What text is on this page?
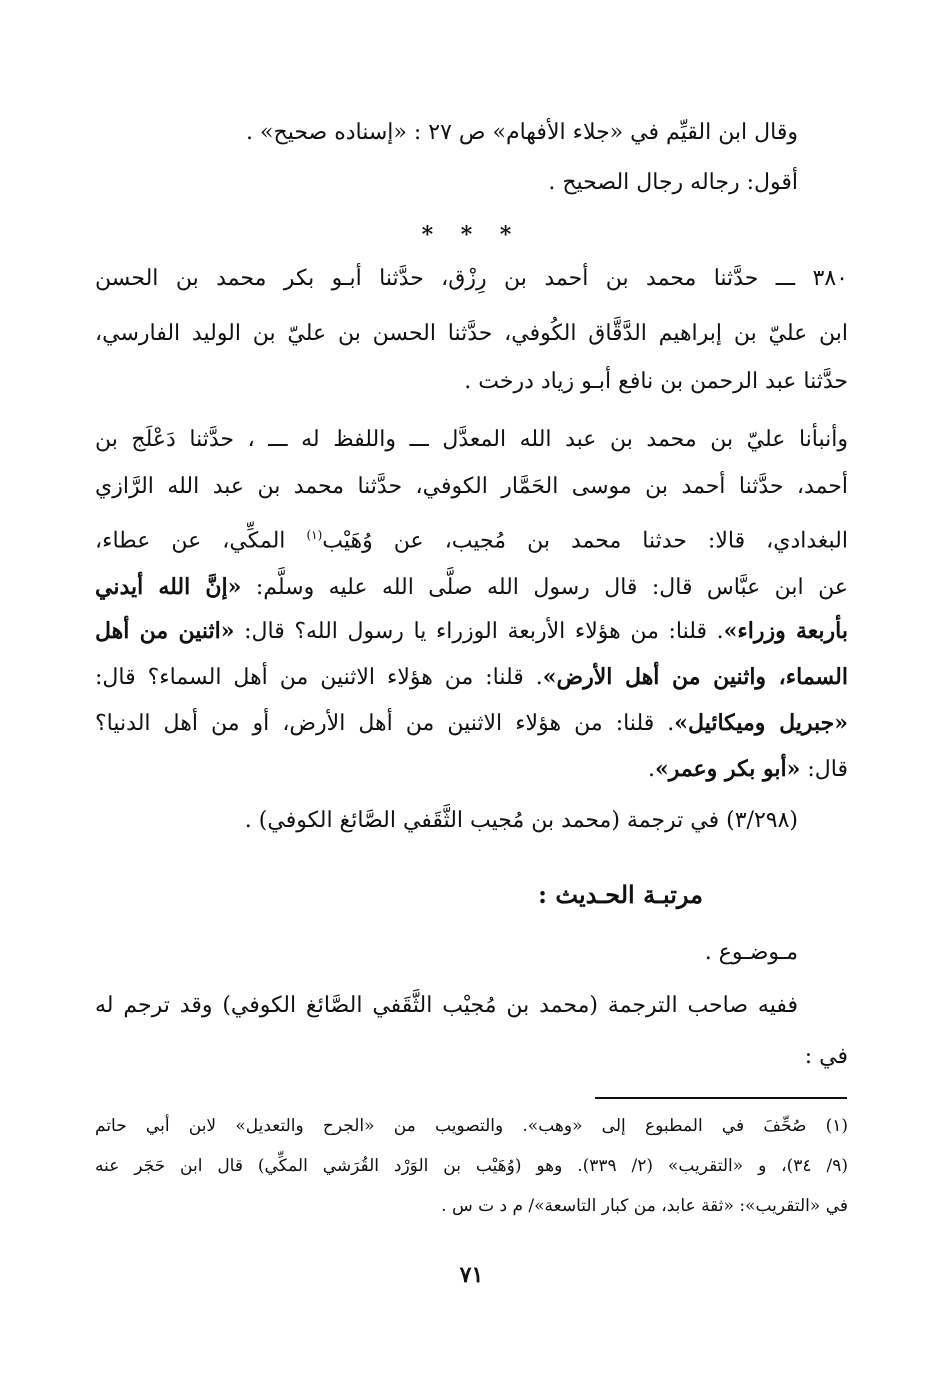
وقال ابن القيِّم في «جلاء الأفهام» ص ٢٧ : «إسناده صحيح» .
أقول: رجاله رجال الصحيح .
* * *
٣٨٠ ـــ حدَّثنا محمد بن أحمد بن رِزْق، حدَّثنا أبـو بكر محمد بن الحسن
ابن عليّ بن إبراهيم الدَّقَّاق الكُوفي، حدَّثنا الحسن بن عليّ بن الوليد الفارسي،
حدَّثنا عبد الرحمن بن نافع أبـو زياد درخت .
وأنبأنا عليّ بن محمد بن عبد الله المعدَّل ـــ واللفظ له ـــ ، حدَّثنا دَعْلَج بن
أحمد، حدَّثنا أحمد بن موسى الحَمَّار الكوفي، حدَّثنا محمد بن عبد الله الرَّازي
البغدادي، قالا: حدثنا محمد بن مُجيب، عن وُهَيْب$^{(١)}$ المكِّي، عن عطاء،
عن ابن عبَّاس قال: قال رسول الله صلَّى الله عليه وسلَّم: «إنَّ الله أيدني
بأربعة وزراء». قلنا: من هؤلاء الأربعة الوزراء يا رسول الله؟ قال: «اثنين من أهل
السماء، واثنين من أهل الأرض». قلنا: من هؤلاء الاثنين من أهل السماء؟ قال:
«جبريل وميكائيل». قلنا: من هؤلاء الاثنين من أهل الأرض، أو من أهل الدنيا؟
قال: «أبو بكر وعمر».
(٣/٢٩٨) في ترجمة (محمد بن مُجيب الثَّقَفي الصَّائغ الكوفي) .
مرتبـة الحـديث :
مـوضـوع .
ففيه صاحب الترجمة (محمد بن مُجيْب الثَّقَفي الصَّائغ الكوفي) وقد ترجم له
في :
(١) صُحِّفَ في المطبوع إلى «وهب». والتصويب من «الجرح والتعديل» لابن أبي حاتم
(٩/ ٣٤)، و «التقريب» (٢/ ٣٣٩). وهو (وُهَيْب بن الوَرْد القُرَشي المكِّي) قال ابن حَجَر عنه
في «التقريب»: «ثقة عابد، من كبار التاسعة»/ م د ت س .
٧١
